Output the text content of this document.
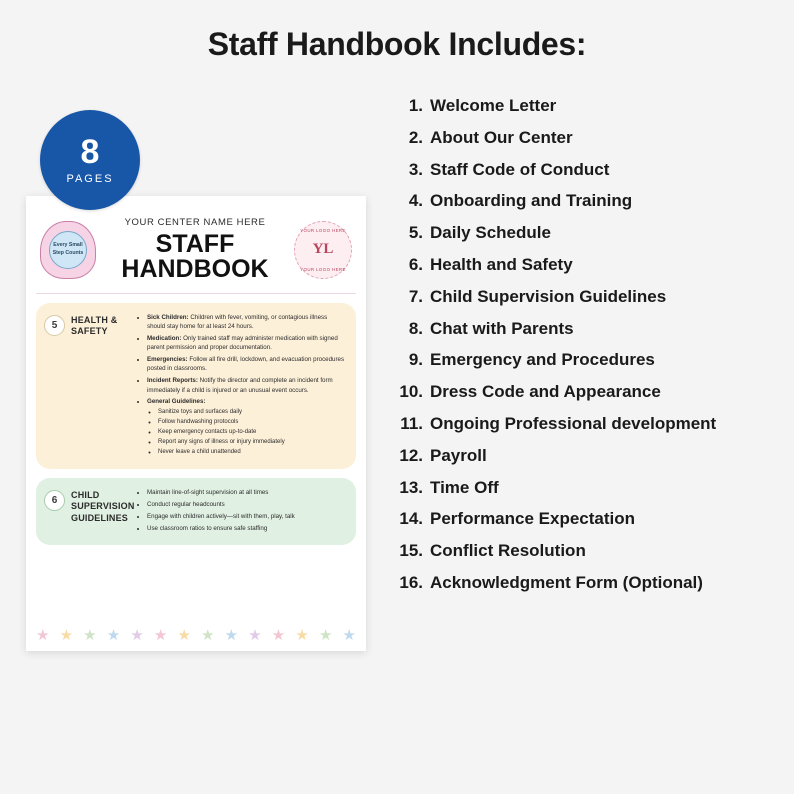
Staff Handbook Includes:
8
PAGES
Every Small Step Counts
YOUR CENTER NAME HERE
STAFF
HANDBOOK
YOUR LOGO HERE
YL
YOUR LOGO HERE
5	HEALTH & SAFETY
• Sick Children: Children with fever, vomiting, or contagious illness should stay home for at least 24 hours.
• Medication: Only trained staff may administer medication with signed parent permission and proper documentation.
• Emergencies: Follow all fire drill, lockdown, and evacuation procedures posted in classrooms.
• Incident Reports: Notify the director and complete an incident form immediately if a child is injured or an unusual event occurs.
• General Guidelines:
◦ Sanitize toys and surfaces daily
◦ Follow handwashing protocols
◦ Keep emergency contacts up-to-date
◦ Report any signs of illness or injury immediately
◦ Never leave a child unattended
6	CHILD SUPERVISION GUIDELINES
• Maintain line-of-sight supervision at all times
• Conduct regular headcounts
• Engage with children actively—sit with them, play, talk
• Use classroom ratios to ensure safe staffing
★ ★ ★ ★ ★ ★ ★ ★ ★ ★ ★ ★ ★ ★
1. Welcome Letter
2. About Our Center
3. Staff Code of Conduct
4. Onboarding and Training
5. Daily Schedule
6. Health and Safety
7. Child Supervision Guidelines
8. Chat with Parents
9. Emergency and Procedures
10. Dress Code and Appearance
11. Ongoing Professional development
12. Payroll
13. Time Off
14. Performance Expectation
15. Conflict Resolution
16. Acknowledgment Form (Optional)
